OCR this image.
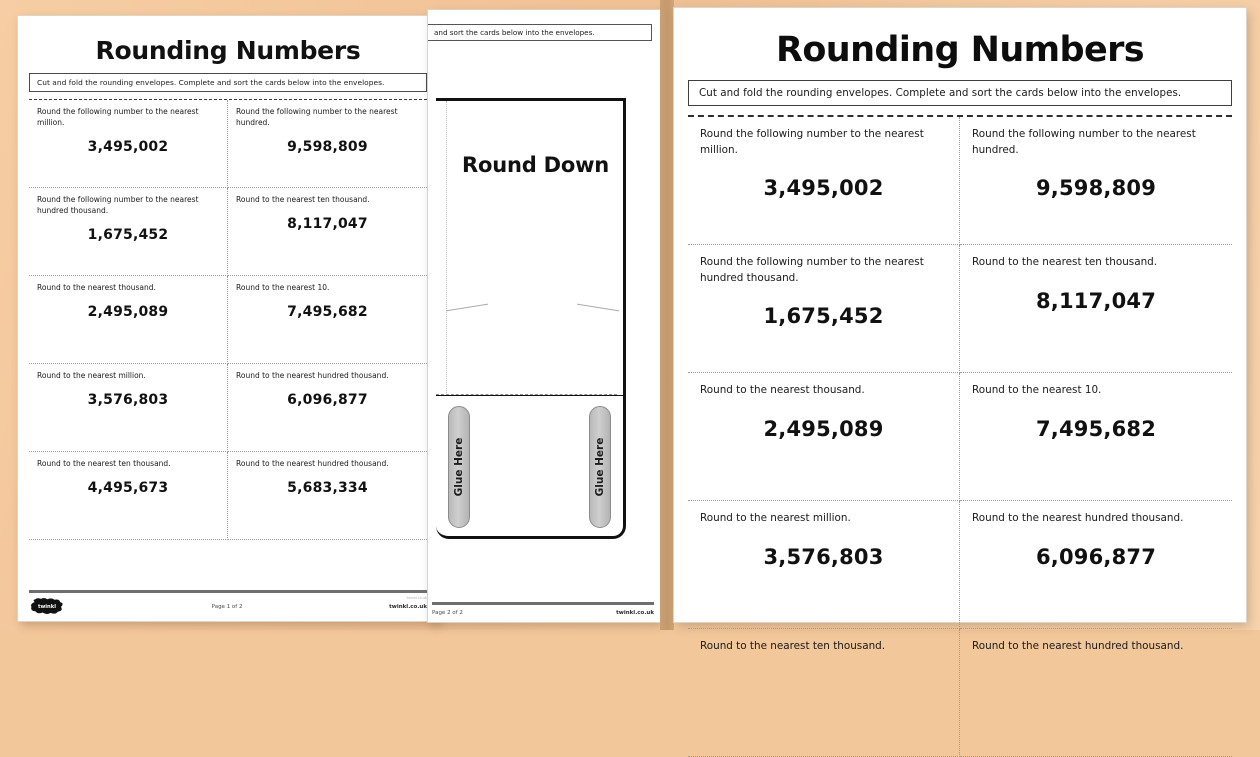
Rounding Numbers
Cut and fold the rounding envelopes. Complete and sort the cards below into the envelopes.
Round the following number to the nearest million.
3,495,002
Round the following number to the nearest hundred.
9,598,809
Round the following number to the nearest hundred thousand.
1,675,452
Round to the nearest ten thousand.
8,117,047
Round to the nearest thousand.
2,495,089
Round to the nearest 10.
7,495,682
Round to the nearest million.
3,576,803
Round to the nearest hundred thousand.
6,096,877
Round to the nearest ten thousand.
4,495,673
Round to the nearest hundred thousand.
5,683,334
twinkl.co.uk
twinkl	Page 1 of 2	twinkl.co.uk
and sort the cards below into the envelopes.
Round Down
Glue Here	Glue Here
Page 2 of 2	twinkl.co.uk
Rounding Numbers
Cut and fold the rounding envelopes. Complete and sort the cards below into the envelopes.
Round the following number to the nearest million.
3,495,002
Round the following number to the nearest hundred.
9,598,809
Round the following number to the nearest hundred thousand.
1,675,452
Round to the nearest ten thousand.
8,117,047
Round to the nearest thousand.
2,495,089
Round to the nearest 10.
7,495,682
Round to the nearest million.
3,576,803
Round to the nearest hundred thousand.
6,096,877
Round to the nearest ten thousand.	Round to the nearest hundred thousand.
